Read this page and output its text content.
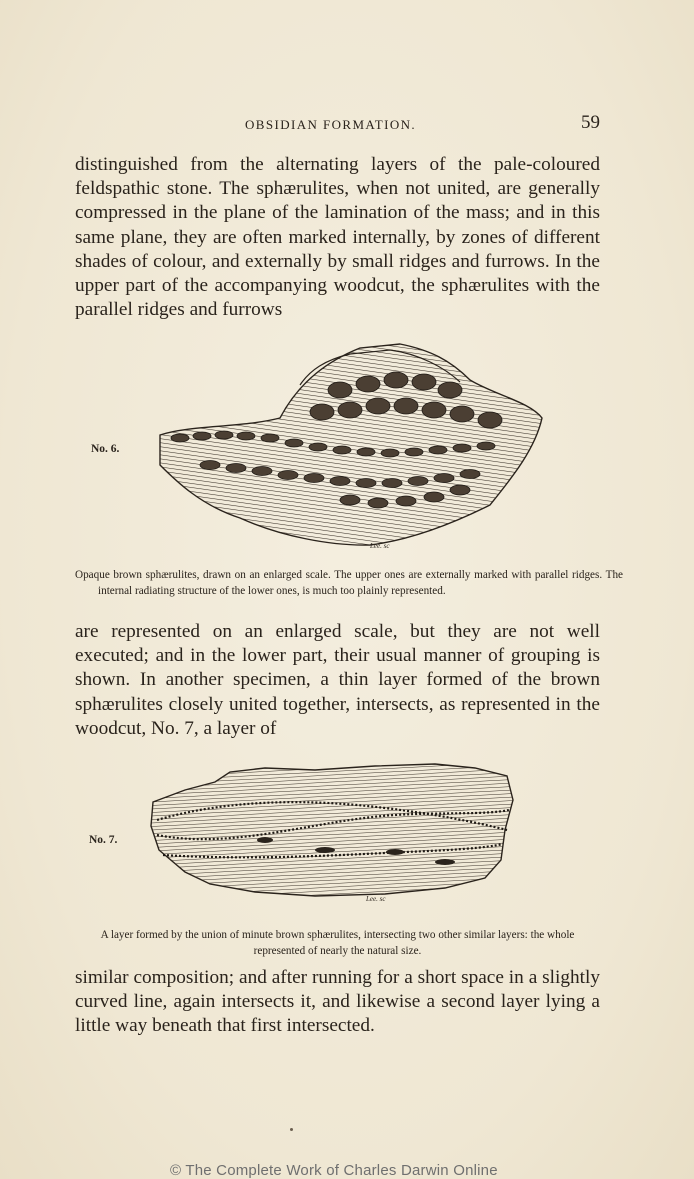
OBSIDIAN FORMATION.	59

distinguished from the alternating layers of the pale-coloured feldspathic stone. The sphærulites, when not united, are generally compressed in the plane of the lamination of the mass; and in this same plane, they are often marked internally, by zones of different shades of colour, and externally by small ridges and furrows. In the upper part of the accompanying woodcut, the sphærulites with the parallel ridges and furrows

No. 6.
Lee. sc

Opaque brown sphærulites, drawn on an enlarged scale. The upper ones are externally marked with parallel ridges. The internal radiating structure of the lower ones, is much too plainly represented.

are represented on an enlarged scale, but they are not well executed; and in the lower part, their usual manner of grouping is shown. In another specimen, a thin layer formed of the brown sphærulites closely united together, intersects, as represented in the woodcut, No. 7, a layer of

No. 7.
Lee. sc

A layer formed by the union of minute brown sphærulites, intersecting two other similar layers: the whole represented of nearly the natural size.

similar composition; and after running for a short space in a slightly curved line, again intersects it, and likewise a second layer lying a little way beneath that first intersected.

© The Complete Work of Charles Darwin Online
